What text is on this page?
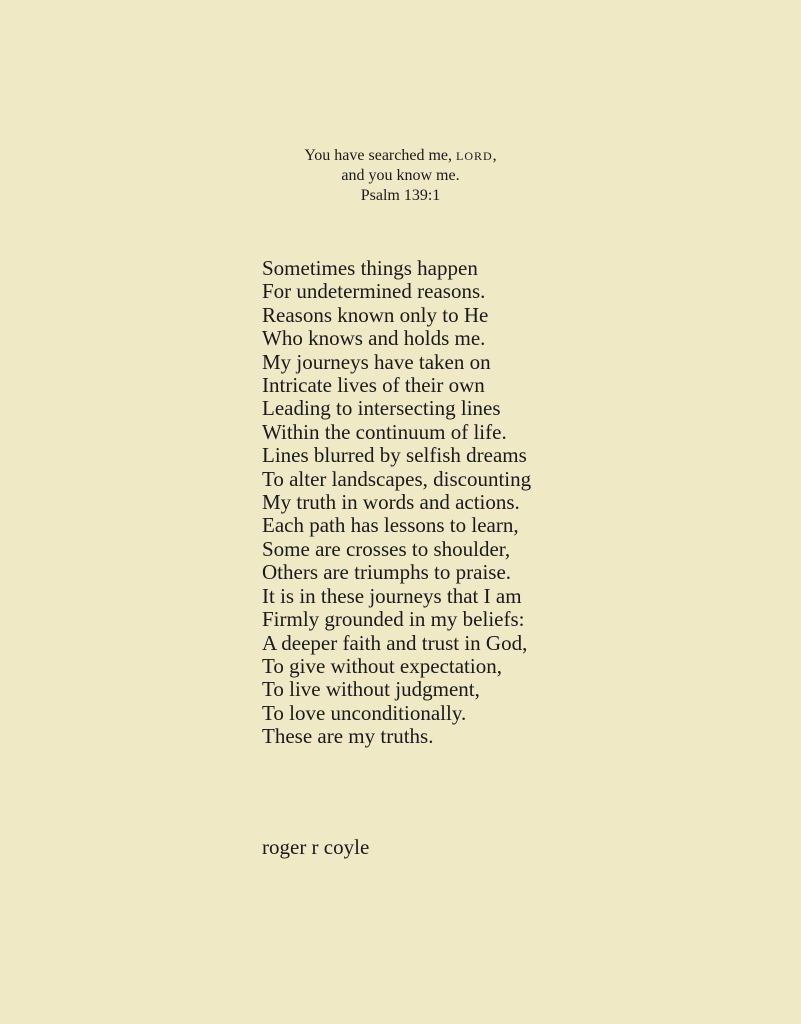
You have searched me, LORD,
and you know me.
Psalm 139:1
Sometimes things happen
For undetermined reasons.
Reasons known only to He
Who knows and holds me.
My journeys have taken on
Intricate lives of their own
Leading to intersecting lines
Within the continuum of life.
Lines blurred by selfish dreams
To alter landscapes, discounting
My truth in words and actions.
Each path has lessons to learn,
Some are crosses to shoulder,
Others are triumphs to praise.
It is in these journeys that I am
Firmly grounded in my beliefs:
A deeper faith and trust in God,
To give without expectation,
To live without judgment,
To love unconditionally.
These are my truths.
roger r coyle
